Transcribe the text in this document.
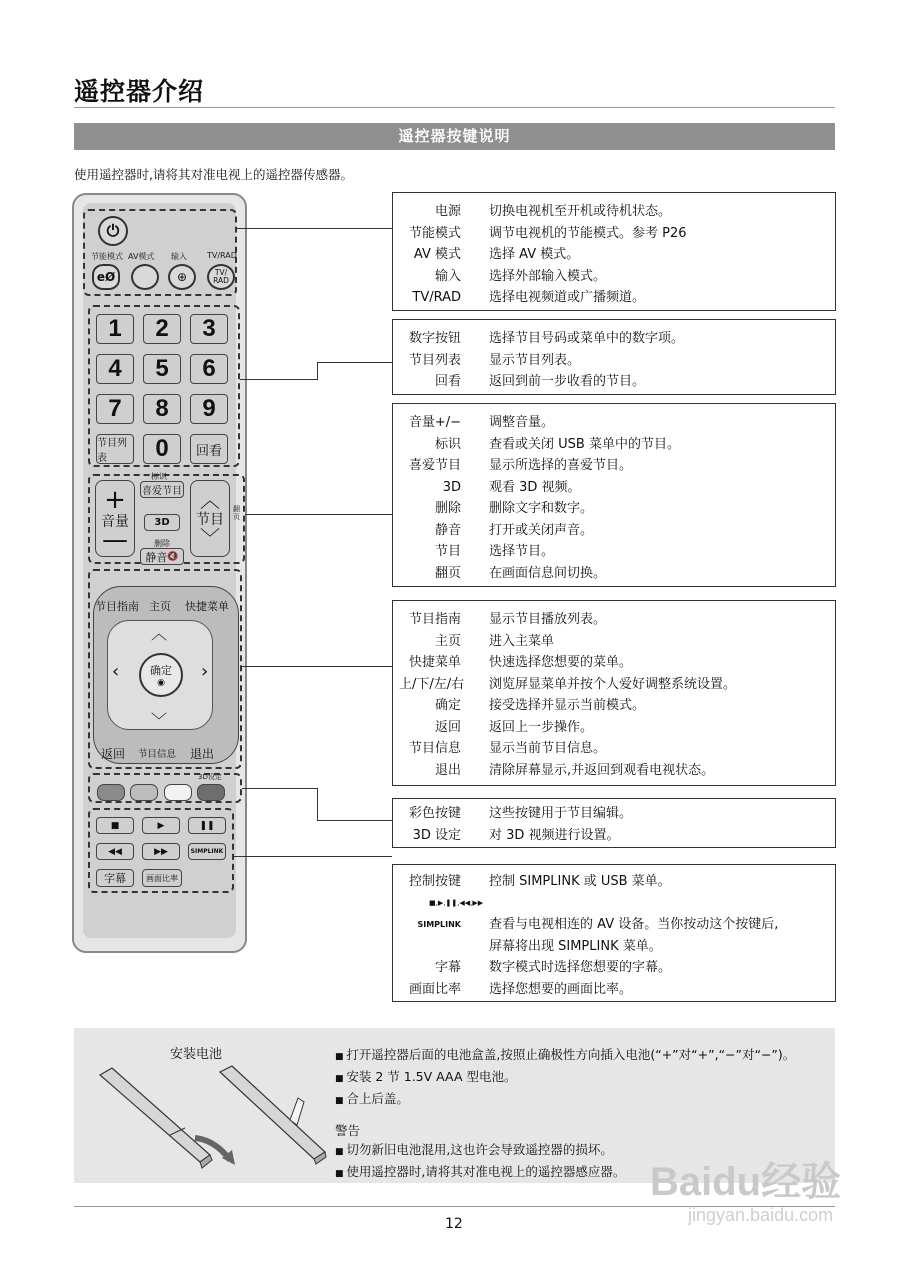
遥控器介绍
遥控器按键说明
使用遥控器时,请将其对准电视上的遥控器传感器。
⏻
节能模式 AV模式 输入	TV/RAD
eØ	⊕	TV/
RAD
1	2	3
4	5	6
7	8	9
节目列表	0	回看
+
音量
—
标识
喜爱节目
3D
删除
静音 🔇
︿
节目
﹀
翻页
节目指南 主页 快捷菜单
︿
﹀
‹	›
确定
◉
返回 节目信息 退出
3D设定
■	▶	❚❚
◀◀	▶▶	SIMPLINK
字幕	画面比率
电源	切换电视机至开机或待机状态。
节能模式	调节电视机的节能模式。参考 P26
AV 模式	选择 AV 模式。
输入	选择外部输入模式。
TV/RAD	选择电视频道或广播频道。
数字按钮	选择节目号码或菜单中的数字项。
节目列表	显示节目列表。
回看	返回到前一步收看的节目。
音量+/−	调整音量。
标识	查看或关闭 USB 菜单中的节目。
喜爱节目	显示所选择的喜爱节目。
3D	观看 3D 视频。
删除	删除文字和数字。
静音	打开或关闭声音。
节目	选择节目。
翻页	在画面信息间切换。
节目指南	显示节目播放列表。
主页	进入主菜单
快捷菜单	快速选择您想要的菜单。
上/下/左/右	浏览屏显菜单并按个人爱好调整系统设置。
确定	接受选择并显示当前模式。
返回	返回上一步操作。
节目信息	显示当前节目信息。
退出	清除屏幕显示,并返回到观看电视状态。
彩色按键	这些按键用于节目编辑。
3D 设定	对 3D 视频进行设置。
控制按键	控制 SIMPLINK 或 USB 菜单。
■,▶,❚❚,◀◀,▶▶
SIMPLINK	查看与电视相连的 AV 设备。当你按动这个按键后,
屏幕将出现 SIMPLINK 菜单。
字幕	数字模式时选择您想要的字幕。
画面比率	选择您想要的画面比率。
安装电池	■ 打开遥控器后面的电池盒盖,按照止确极性方向插入电池(“+”对“+”,“−”对“−”)。
■ 安装 2 节 1.5V AAA 型电池。
■ 合上后盖。
警告
■ 切勿新旧电池混用,这也许会导致遥控器的损坏。
■ 使用遥控器时,请将其对准电视上的遥控器感应器。
12
Baidu经验
jingyan.baidu.com
